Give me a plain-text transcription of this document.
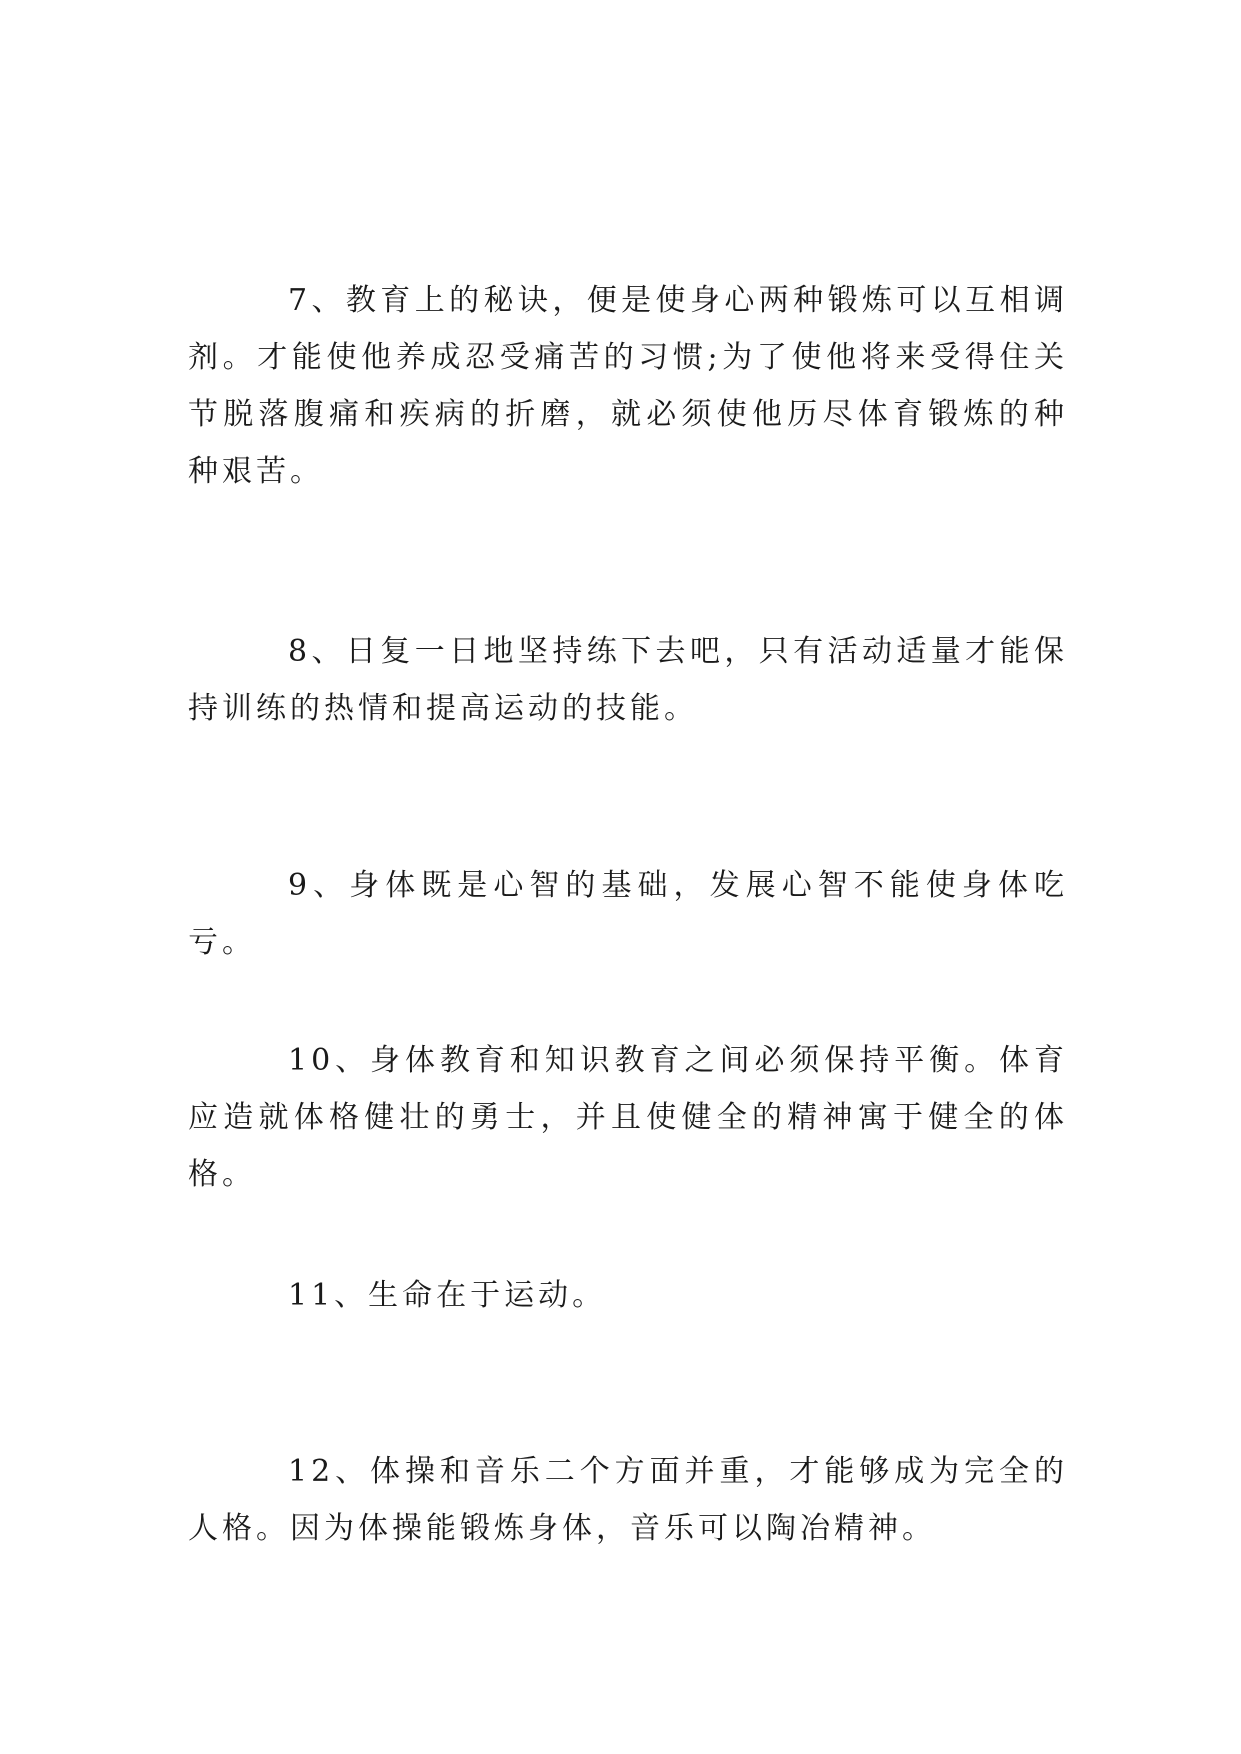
7、教育上的秘诀，便是使身心两种锻炼可以互相调剂。才能使他养成忍受痛苦的习惯;为了使他将来受得住关节脱落腹痛和疾病的折磨，就必须使他历尽体育锻炼的种种艰苦。

8、日复一日地坚持练下去吧，只有活动适量才能保持训练的热情和提高运动的技能。

9、身体既是心智的基础，发展心智不能使身体吃亏。

10、身体教育和知识教育之间必须保持平衡。体育应造就体格健壮的勇士，并且使健全的精神寓于健全的体格。

11、生命在于运动。

12、体操和音乐二个方面并重，才能够成为完全的人格。因为体操能锻炼身体，音乐可以陶冶精神。
